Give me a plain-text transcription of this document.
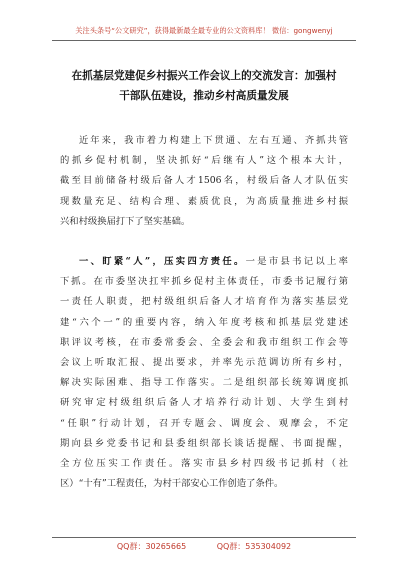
关注头条号“公文研究”，获得最新最全最专业的公文资料库！ 微信：gongwenyj
在抓基层党建促乡村振兴工作会议上的交流发言：加强村
干部队伍建设，推动乡村高质量发展
近年来，我市着力构建上下贯通、左右互通、齐抓共管
的抓乡促村机制，坚决抓好“后继有人”这个根本大计，
截至目前储备村级后备人才1506名，村级后备人才队伍实
现数量充足、结构合理、素质优良，为高质量推进乡村振
兴和村级换届打下了坚实基础。
一、盯紧“人”，压实四方责任。一是市县书记以上率
下抓。在市委坚决扛牢抓乡促村主体责任，市委书记履行第
一责任人职责，把村级组织后备人才培育作为落实基层党
建“六个一”的重要内容，纳入年度考核和抓基层党建述
职评议考核，在市委常委会、全委会和我市组织工作会等
会议上听取汇报、提出要求，并率先示范调访所有乡村，
解决实际困难、指导工作落实。二是组织部长统筹调度抓
研究审定村级组织后备人才培养行动计划、大学生到村
“任职”行动计划，召开专题会、调度会、观摩会，不定
期向县乡党委书记和县委组织部长谈话提醒、书面提醒，
全方位压实工作责任。落实市县乡村四级书记抓村（社
区）“十有”工程责任，为村干部安心工作创造了条件。
QQ群：30265665	QQ群：535304092
